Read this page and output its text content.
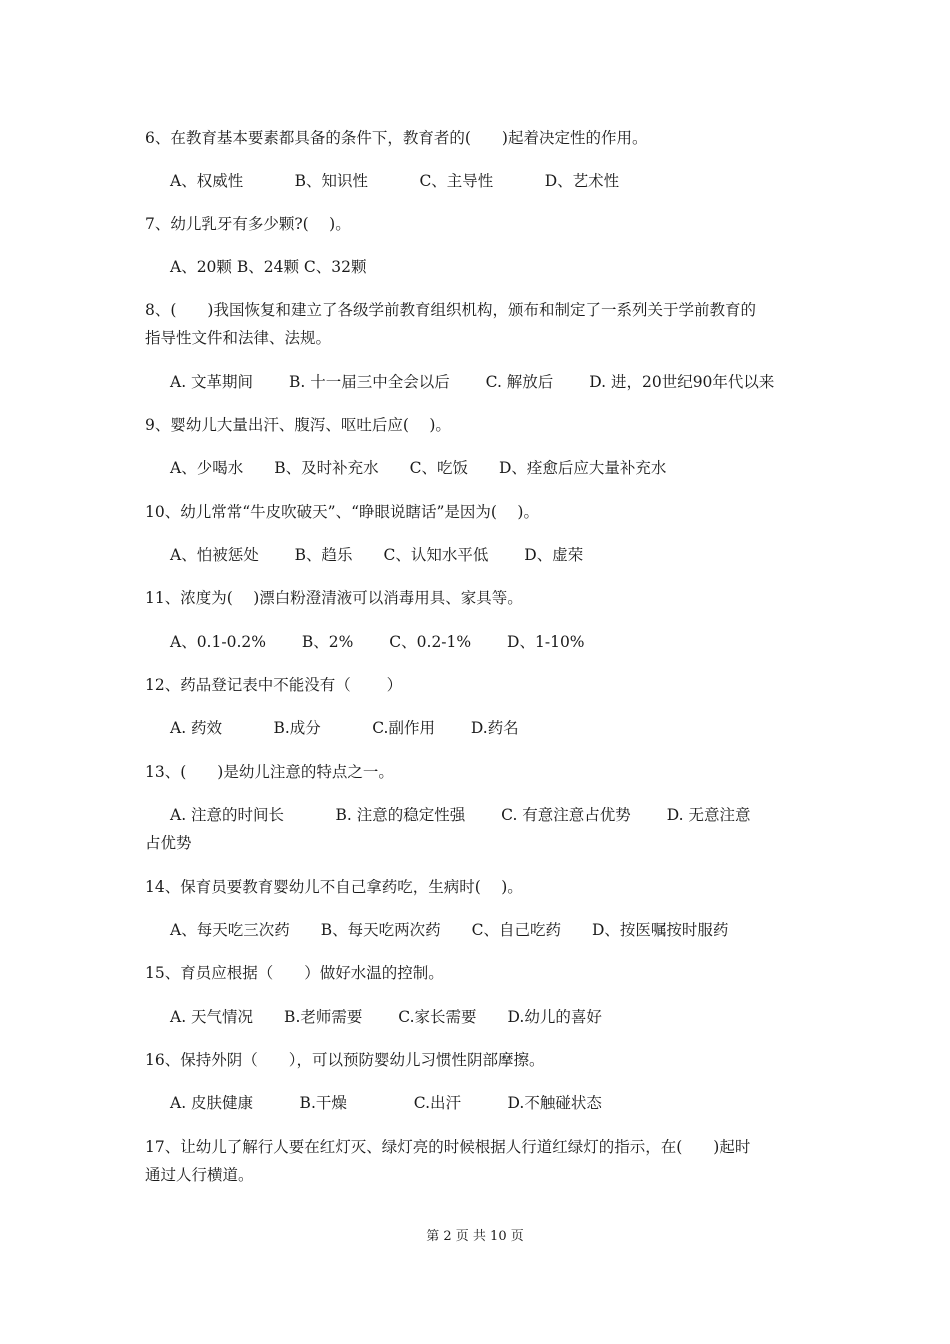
6、在教育基本要素都具备的条件下，教育者的(　　)起着决定性的作用。
A、权威性　　　 B、知识性　　　 C、主导性　　　 D、艺术性
7、幼儿乳牙有多少颗?(　 )。
A、20颗 B、24颗 C、32颗
8、(　　)我国恢复和建立了各级学前教育组织机构，颁布和制定了一系列关于学前教育的
指导性文件和法律、法规。
A. 文革期间　　 B. 十一届三中全会以后　　 C. 解放后　　 D. 进，20世纪90年代以来
9、婴幼儿大量出汗、腹泻、呕吐后应(　 )。
A、少喝水　　B、及时补充水　　C、吃饭　　D、痊愈后应大量补充水
10、幼儿常常“牛皮吹破天”、“睁眼说瞎话”是因为(　 )。
A、怕被惩处　　 B、趋乐　　C、认知水平低　　 D、虚荣
11、浓度为(　 )漂白粉澄清液可以消毒用具、家具等。
A、0.1-0.2%　　 B、2%　　 C、0.2-1%　　 D、1-10%
12、药品登记表中不能没有（　　 ）
A. 药效　　　 B.成分　　　 C.副作用　　 D.药名
13、(　　)是幼儿注意的特点之一。
A. 注意的时间长　　　 B. 注意的稳定性强　　 C. 有意注意占优势　　 D. 无意注意
占优势
14、保育员要教育婴幼儿不自己拿药吃，生病时(　 )。
A、每天吃三次药　　B、每天吃两次药　　C、自己吃药　　D、按医嘱按时服药
15、育员应根据（　　）做好水温的控制。
A. 天气情况　　B.老师需要　　 C.家长需要　　D.幼儿的喜好
16、保持外阴（　　），可以预防婴幼儿习惯性阴部摩擦。
A. 皮肤健康　　　B.干燥　　　　 C.出汗　　　D.不触碰状态
17、让幼儿了解行人要在红灯灭、绿灯亮的时候根据人行道红绿灯的指示，在(　　)起时
通过人行横道。
第 2 页 共 10 页
